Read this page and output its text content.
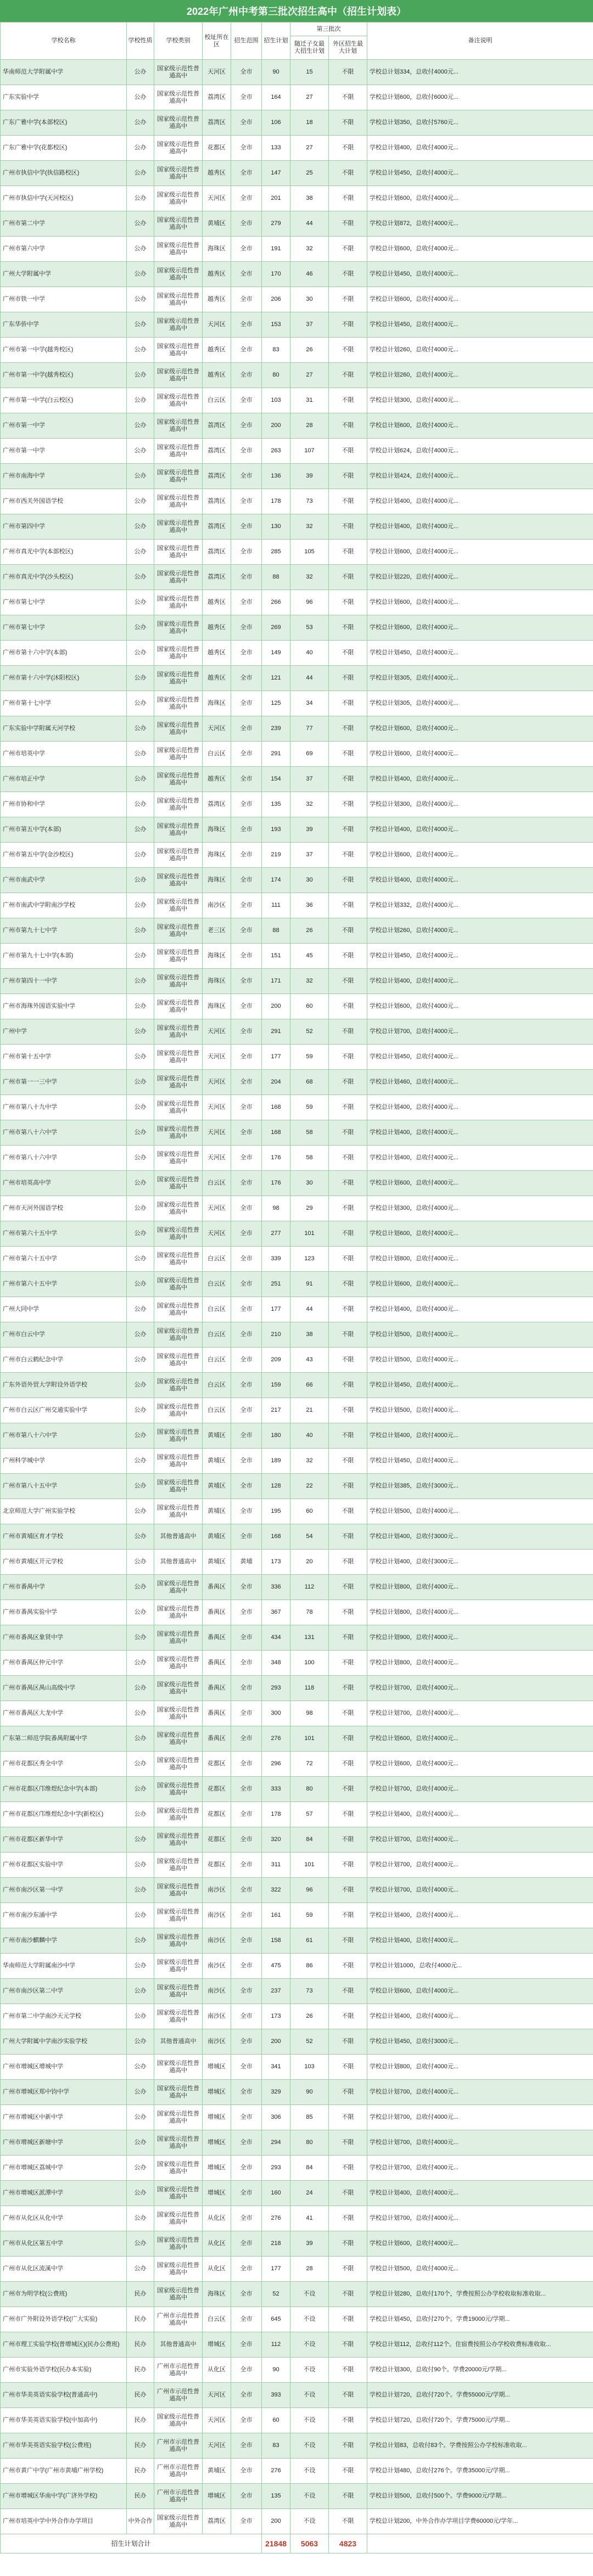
2022年广州中考第三批次招生高中（招生计划表）
学校名称	学校性质	学校类别	校址所在区	招生范围	招生计划	第三批次		备注说明
						随迁子女最大招生计划	外区招生最大计划	
华南师范大学附属中学	公办	国家级示范性普通高中	天河区	全市	90	15	不限	学校总计划334，总收付4000元...
广东实验中学	公办	国家级示范性普通高中	荔湾区	全市	164	27	不限	学校总计划600，总收付6000元...
广东广雅中学(本部校区)	公办	国家级示范性普通高中	荔湾区	全市	106	18	不限	学校总计划350，总收付5760元...
广东广雅中学(花都校区)	公办	国家级示范性普通高中	花都区	全市	133	27	不限	学校总计划400，总收付4000元...
广州市执信中学(执信路校区)	公办	国家级示范性普通高中	越秀区	全市	147	25	不限	学校总计划450，总收付4000元...
广州市执信中学(天河校区)	公办	国家级示范性普通高中	天河区	全市	201	38	不限	学校总计划600，总收付4000元...
广州市第二中学	公办	国家级示范性普通高中	黄埔区	全市	279	44	不限	学校总计划872，总收付4000元...
广州市第六中学	公办	国家级示范性普通高中	海珠区	全市	191	32	不限	学校总计划600，总收付4000元...
广州大学附属中学	公办	国家级示范性普通高中	越秀区	全市	170	46	不限	学校总计划450，总收付4000元...
广州市铁一中学	公办	国家级示范性普通高中	越秀区	全市	206	30	不限	学校总计划600，总收付4000元...
广东华侨中学	公办	国家级示范性普通高中	天河区	全市	153	37	不限	学校总计划450，总收付4000元...
广州市第一中学(越秀校区)	公办	国家级示范性普通高中	越秀区	全市	83	26	不限	学校总计划260，总收付4000元...
广州市第一中学(越秀校区)	公办	国家级示范性普通高中	越秀区	全市	80	27	不限	学校总计划260，总收付4000元...
广州市第一中学(白云校区)	公办	国家级示范性普通高中	白云区	全市	103	31	不限	学校总计划300，总收付4000元...
广州市第一中学	公办	国家级示范性普通高中	荔湾区	全市	200	28	不限	学校总计划600，总收付4000元...
广州市第一中学	公办	国家级示范性普通高中	荔湾区	全市	263	107	不限	学校总计划624，总收付4000元...
广州市南海中学	公办	国家级示范性普通高中	荔湾区	全市	136	39	不限	学校总计划424，总收付4000元...
广州市西关外国语学校	公办	国家级示范性普通高中	荔湾区	全市	178	73	不限	学校总计划400，总收付4000元...
广州市第四中学	公办	国家级示范性普通高中	荔湾区	全市	130	32	不限	学校总计划400，总收付4000元...
广州市真光中学(本部校区)	公办	国家级示范性普通高中	荔湾区	全市	285	105	不限	学校总计划600，总收付4000元...
广州市真光中学(沙头校区)	公办	国家级示范性普通高中	荔湾区	全市	88	32	不限	学校总计划220，总收付4000元...
广州市第七中学	公办	国家级示范性普通高中	越秀区	全市	266	96	不限	学校总计划600，总收付4000元...
广州市第七中学	公办	国家级示范性普通高中	越秀区	全市	269	53	不限	学校总计划600，总收付4000元...
广州市第十六中学(本部)	公办	国家级示范性普通高中	越秀区	全市	149	40	不限	学校总计划450，总收付4000元...
广州市第十六中学(沐阳校区)	公办	国家级示范性普通高中	越秀区	全市	121	44	不限	学校总计划305，总收付4000元...
广州市第十七中学	公办	国家级示范性普通高中	海珠区	全市	125	34	不限	学校总计划305，总收付4000元...
广东实验中学附属天河学校	公办	国家级示范性普通高中	天河区	全市	239	77	不限	学校总计划600，总收付4000元...
广州市培英中学	公办	国家级示范性普通高中	白云区	全市	291	69	不限	学校总计划600，总收付4000元...
广州市培正中学	公办	国家级示范性普通高中	越秀区	全市	154	37	不限	学校总计划400，总收付4000元...
广州市协和中学	公办	国家级示范性普通高中	荔湾区	全市	135	32	不限	学校总计划300，总收付4000元...
广州市第五中学(本部)	公办	国家级示范性普通高中	海珠区	全市	193	39	不限	学校总计划400，总收付4000元...
广州市第五中学(金沙校区)	公办	国家级示范性普通高中	海珠区	全市	219	37	不限	学校总计划600，总收付4000元...
广州市南武中学	公办	国家级示范性普通高中	海珠区	全市	174	30	不限	学校总计划400，总收付4000元...
广州市南武中学附南沙学校	公办	国家级示范性普通高中	南沙区	全市	111	36	不限	学校总计划332，总收付4000元...
广州市第九十七中学	公办	国家级示范性普通高中	老三区	全市	88	26	不限	学校总计划260，总收付4000元...
广州市第九十七中学(本部)	公办	国家级示范性普通高中	海珠区	全市	151	45	不限	学校总计划450，总收付4000元...
广州市第四十一中学	公办	国家级示范性普通高中	海珠区	全市	171	32	不限	学校总计划400，总收付4000元...
广州市海珠外国语实验中学	公办	国家级示范性普通高中	海珠区	全市	200	60	不限	学校总计划600，总收付4000元...
广州中学	公办	国家级示范性普通高中	天河区	全市	291	52	不限	学校总计划700，总收付4000元...
广州市第十五中学	公办	国家级示范性普通高中	天河区	全市	177	59	不限	学校总计划450，总收付4000元...
广州市第一一三中学	公办	国家级示范性普通高中	天河区	全市	204	68	不限	学校总计划460，总收付4000元...
广州市第八十九中学	公办	国家级示范性普通高中	天河区	全市	168	59	不限	学校总计划400，总收付4000元...
广州市第八十六中学	公办	国家级示范性普通高中	天河区	全市	168	58	不限	学校总计划400，总收付4000元...
广州市第八十六中学	公办	国家级示范性普通高中	天河区	全市	176	58	不限	学校总计划400，总收付4000元...
广州市培英高中学	公办	国家级示范性普通高中	白云区	全市	176	30	不限	学校总计划600，总收付4000元...
广州市天河外国语学校	公办	国家级示范性普通高中	天河区	全市	98	29	不限	学校总计划300，总收付4000元...
广州市第六十五中学	公办	国家级示范性普通高中	天河区	全市	277	101	不限	学校总计划600，总收付4000元...
广州市第六十五中学	公办	国家级示范性普通高中	白云区	全市	339	123	不限	学校总计划800，总收付4000元...
广州市第六十五中学	公办	国家级示范性普通高中	白云区	全市	251	91	不限	学校总计划600，总收付4000元...
广州大同中学	公办	国家级示范性普通高中	白云区	全市	177	44	不限	学校总计划400，总收付4000元...
广州市白云中学	公办	国家级示范性普通高中	白云区	全市	210	38	不限	学校总计划500，总收付4000元...
广州市白云鹤纪念中学	公办	国家级示范性普通高中	白云区	全市	209	43	不限	学校总计划500，总收付4000元...
广东外语外贸大学附设外语学校	公办	国家级示范性普通高中	白云区	全市	159	66	不限	学校总计划450，总收付4000元...
广州市白云区广州交通实验中学	公办	国家级示范性普通高中	白云区	全市	217	21	不限	学校总计划500，总收付4000元...
广州市第八十六中学	公办	国家级示范性普通高中	黄埔区	全市	180	40	不限	学校总计划400，总收付4000元...
广州科学城中学	公办	国家级示范性普通高中	黄埔区	全市	189	32	不限	学校总计划450，总收付4000元...
广州市第八十五中学	公办	国家级示范性普通高中	黄埔区	全市	128	22	不限	学校总计划385，总收付3000元...
北京师范大学广州实验学校	公办	国家级示范性普通高中	黄埔区	全市	195	60	不限	学校总计划500，总收付4000元...
广州市黄埔区育才学校	公办	其他普通高中	黄埔区	全市	168	54	不限	学校总计划400，总收付3000元...
广州市黄埔区开元学校	公办	其他普通高中	黄埔区	黄埔	173	20	不限	学校总计划400，总收付3000元...
广州市番禺中学	公办	国家级示范性普通高中	番禺区	全市	336	112	不限	学校总计划800，总收付4000元...
广州市番禺实验中学	公办	国家级示范性普通高中	番禺区	全市	367	78	不限	学校总计划800，总收付4000元...
广州市番禺区象贤中学	公办	国家级示范性普通高中	番禺区	全市	434	131	不限	学校总计划900，总收付4000元...
广州市番禺区仲元中学	公办	国家级示范性普通高中	番禺区	全市	348	100	不限	学校总计划800，总收付4000元...
广州市番禺区禺山高级中学	公办	国家级示范性普通高中	番禺区	全市	293	118	不限	学校总计划700，总收付4000元...
广州市番禺区大龙中学	公办	国家级示范性普通高中	番禺区	全市	300	98	不限	学校总计划700，总收付4000元...
广东第二师范学院番禺附属中学	公办	国家级示范性普通高中	番禺区	全市	276	101	不限	学校总计划600，总收付4000元...
广州市花都区秀全中学	公办	国家级示范性普通高中	花都区	全市	296	72	不限	学校总计划600，总收付4000元...
广州市花都区邝维煜纪念中学(本部)	公办	国家级示范性普通高中	花都区	全市	333	80	不限	学校总计划700，总收付4000元...
广州市花都区邝维煜纪念中学(新校区)	公办	国家级示范性普通高中	花都区	全市	178	57	不限	学校总计划400，总收付4000元...
广州市花都区新华中学	公办	国家级示范性普通高中	花都区	全市	320	84	不限	学校总计划700，总收付4000元...
广州市花都区实验中学	公办	国家级示范性普通高中	花都区	全市	311	101	不限	学校总计划700，总收付4000元...
广州市南沙区第一中学	公办	国家级示范性普通高中	南沙区	全市	322	96	不限	学校总计划700，总收付4000元...
广州市南沙东涌中学	公办	国家级示范性普通高中	南沙区	全市	161	59	不限	学校总计划400，总收付4000元...
广州市南沙麒麟中学	公办	国家级示范性普通高中	南沙区	全市	158	61	不限	学校总计划400，总收付4000元...
华南师范大学附属南沙中学	公办	国家级示范性普通高中	南沙区	全市	475	86	不限	学校总计划1000，总收付4000元...
广州市南沙区第二中学	公办	国家级示范性普通高中	南沙区	全市	237	73	不限	学校总计划600，总收付4000元...
广州市第二中学南沙天元学校	公办	国家级示范性普通高中	南沙区	全市	173	26	不限	学校总计划400，总收付4000元...
广州大学附属中学南沙实验学校	公办	其他普通高中	南沙区	全市	200	52	不限	学校总计划450，总收付3000元...
广州市增城区增城中学	公办	国家级示范性普通高中	增城区	全市	341	103	不限	学校总计划800，总收付4000元...
广州市增城区郑中钧中学	公办	国家级示范性普通高中	增城区	全市	329	90	不限	学校总计划700，总收付4000元...
广州市增城区中新中学	公办	国家级示范性普通高中	增城区	全市	306	85	不限	学校总计划700，总收付4000元...
广州市增城区新塘中学	公办	国家级示范性普通高中	增城区	全市	294	80	不限	学校总计划700，总收付4000元...
广州市增城区荔城中学	公办	国家级示范性普通高中	增城区	全市	293	84	不限	学校总计划700，总收付4000元...
广州市增城区派潭中学	公办	国家级示范性普通高中	增城区	全市	160	24	不限	学校总计划400，总收付4000元...
广州市从化区从化中学	公办	国家级示范性普通高中	从化区	全市	276	41	不限	学校总计划700，总收付4000元...
广州市从化区第五中学	公办	国家级示范性普通高中	从化区	全市	218	39	不限	学校总计划600，总收付4000元...
广州市从化区流溪中学	公办	国家级示范性普通高中	从化区	全市	177	28	不限	学校总计划500，总收付4000元...
广州市为明学校(公费班)	民办	国家级示范性普通高中	海珠区	全市	52	不设	不限	学校总计划280，总收付170个，学费按照公办学校收取标准收取...
广州市广外附设外语学校(广大实验)	民办	广州市示范性普通高中	白云区	全市	645	不设	不限	学校总计划450，总收付270个。学费19000元/学期...
广州市理工实验学校(普增城区)(民办公费班)	民办	其他普通高中	增城区	全市	112	不设	不限	学校总计划112，总收付112个。住宿费按照公办学校收费标准收取...
广州市实验外语学校(民办本实验)	民办	广州市示范性普通高中	从化区	全市	90	不设	不限	学校总计划300，总收付90个。学费20000元/学期...
广州市华美英语实验学校(普通高中)	民办	广州市示范性普通高中	天河区	全市	393	不设	不限	学校总计划720，总收付720个。学费55000元/学期...
广州市华美英语实验学校(中加高中)	民办	国家级示范性普通高中	天河区	全市	60	不设	不限	学校总计划720，总收付720个。学费75000元/学期...
广州市华美英语实验学校(公费班)	民办	广州市示范性普通高中	天河区	全市	83	不设	不限	学校总计划83，总收付83个。学费按照公办学校标准收取...
广州市黄广中学(广州市黄埔广州学校)	民办	广州市示范性普通高中	黄埔区	全市	276	不设	不限	学校总计划480，总收付276个。学费35000元/学期...
广州市增城区华南中学(广济外学校)	民办	广州市示范性普通高中	增城区	全市	135	不设	不限	学校总计划500，总收付500个。学费9000元/学期...
广州市培英中学中外合作办学项目	中外合作	国家级示范性普通高中	荔湾区	全市	200	不设	不限	学校总计划200，中外合作办学项目学费60000元/学年...
招生计划合计					21848	5063	4823	
